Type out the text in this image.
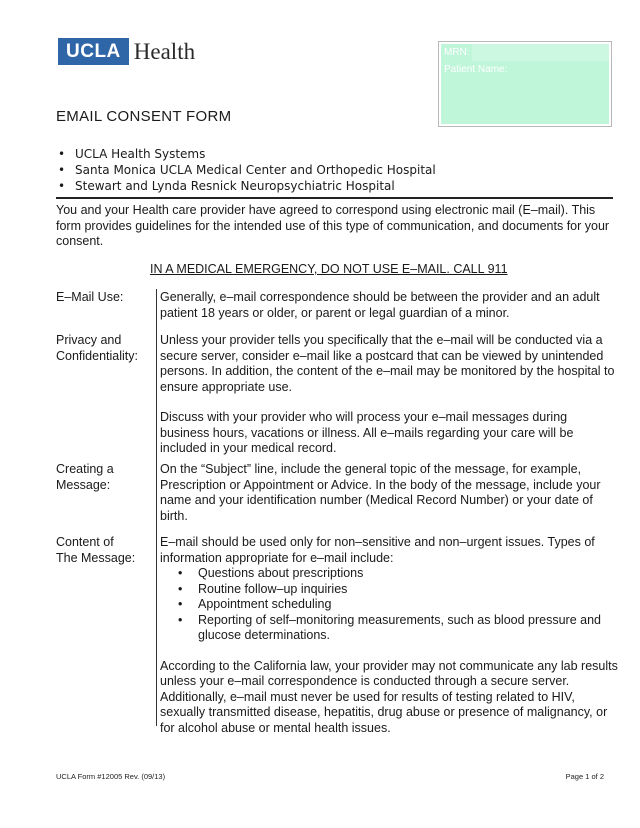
UCLA Health	MRN:
Patient Name:
EMAIL CONSENT FORM
• UCLA Health Systems
• Santa Monica UCLA Medical Center and Orthopedic Hospital
• Stewart and Lynda Resnick Neuropsychiatric Hospital

You and your Health care provider have agreed to correspond using electronic mail (E–mail). This form provides guidelines for the intended use of this type of communication, and documents for your consent.

IN A MEDICAL EMERGENCY, DO NOT USE E–MAIL. CALL 911
E–Mail Use:	Generally, e–mail correspondence should be between the provider and an adult patient 18 years or older, or parent or legal guardian of a minor.

Privacy and
Confidentiality:

Unless your provider tells you specifically that the e–mail will be conducted via a secure server, consider e–mail like a postcard that can be viewed by unintended persons. In addition, the content of the e–mail may be monitored by the hospital to ensure appropriate use.

Discuss with your provider who will process your e–mail messages during business hours, vacations or illness. All e–mails regarding your care will be included in your medical record.

Creating a
Message:

On the “Subject” line, include the general topic of the message, for example, Prescription or Appointment or Advice. In the body of the message, include your name and your identification number (Medical Record Number) or your date of birth.

Content of
The Message:

E–mail should be used only for non–sensitive and non–urgent issues. Types of information appropriate for e–mail include:

• Questions about prescriptions
• Routine follow–up inquiries
• Appointment scheduling
• Reporting of self–monitoring measurements, such as blood pressure and glucose determinations.

According to the California law, your provider may not communicate any lab results unless your e–mail correspondence is conducted through a secure server. Additionally, e–mail must never be used for results of testing related to HIV, sexually transmitted disease, hepatitis, drug abuse or presence of malignancy, or for alcohol abuse or mental health issues.

UCLA Form #12005 Rev. (09/13)	Page 1 of 2
